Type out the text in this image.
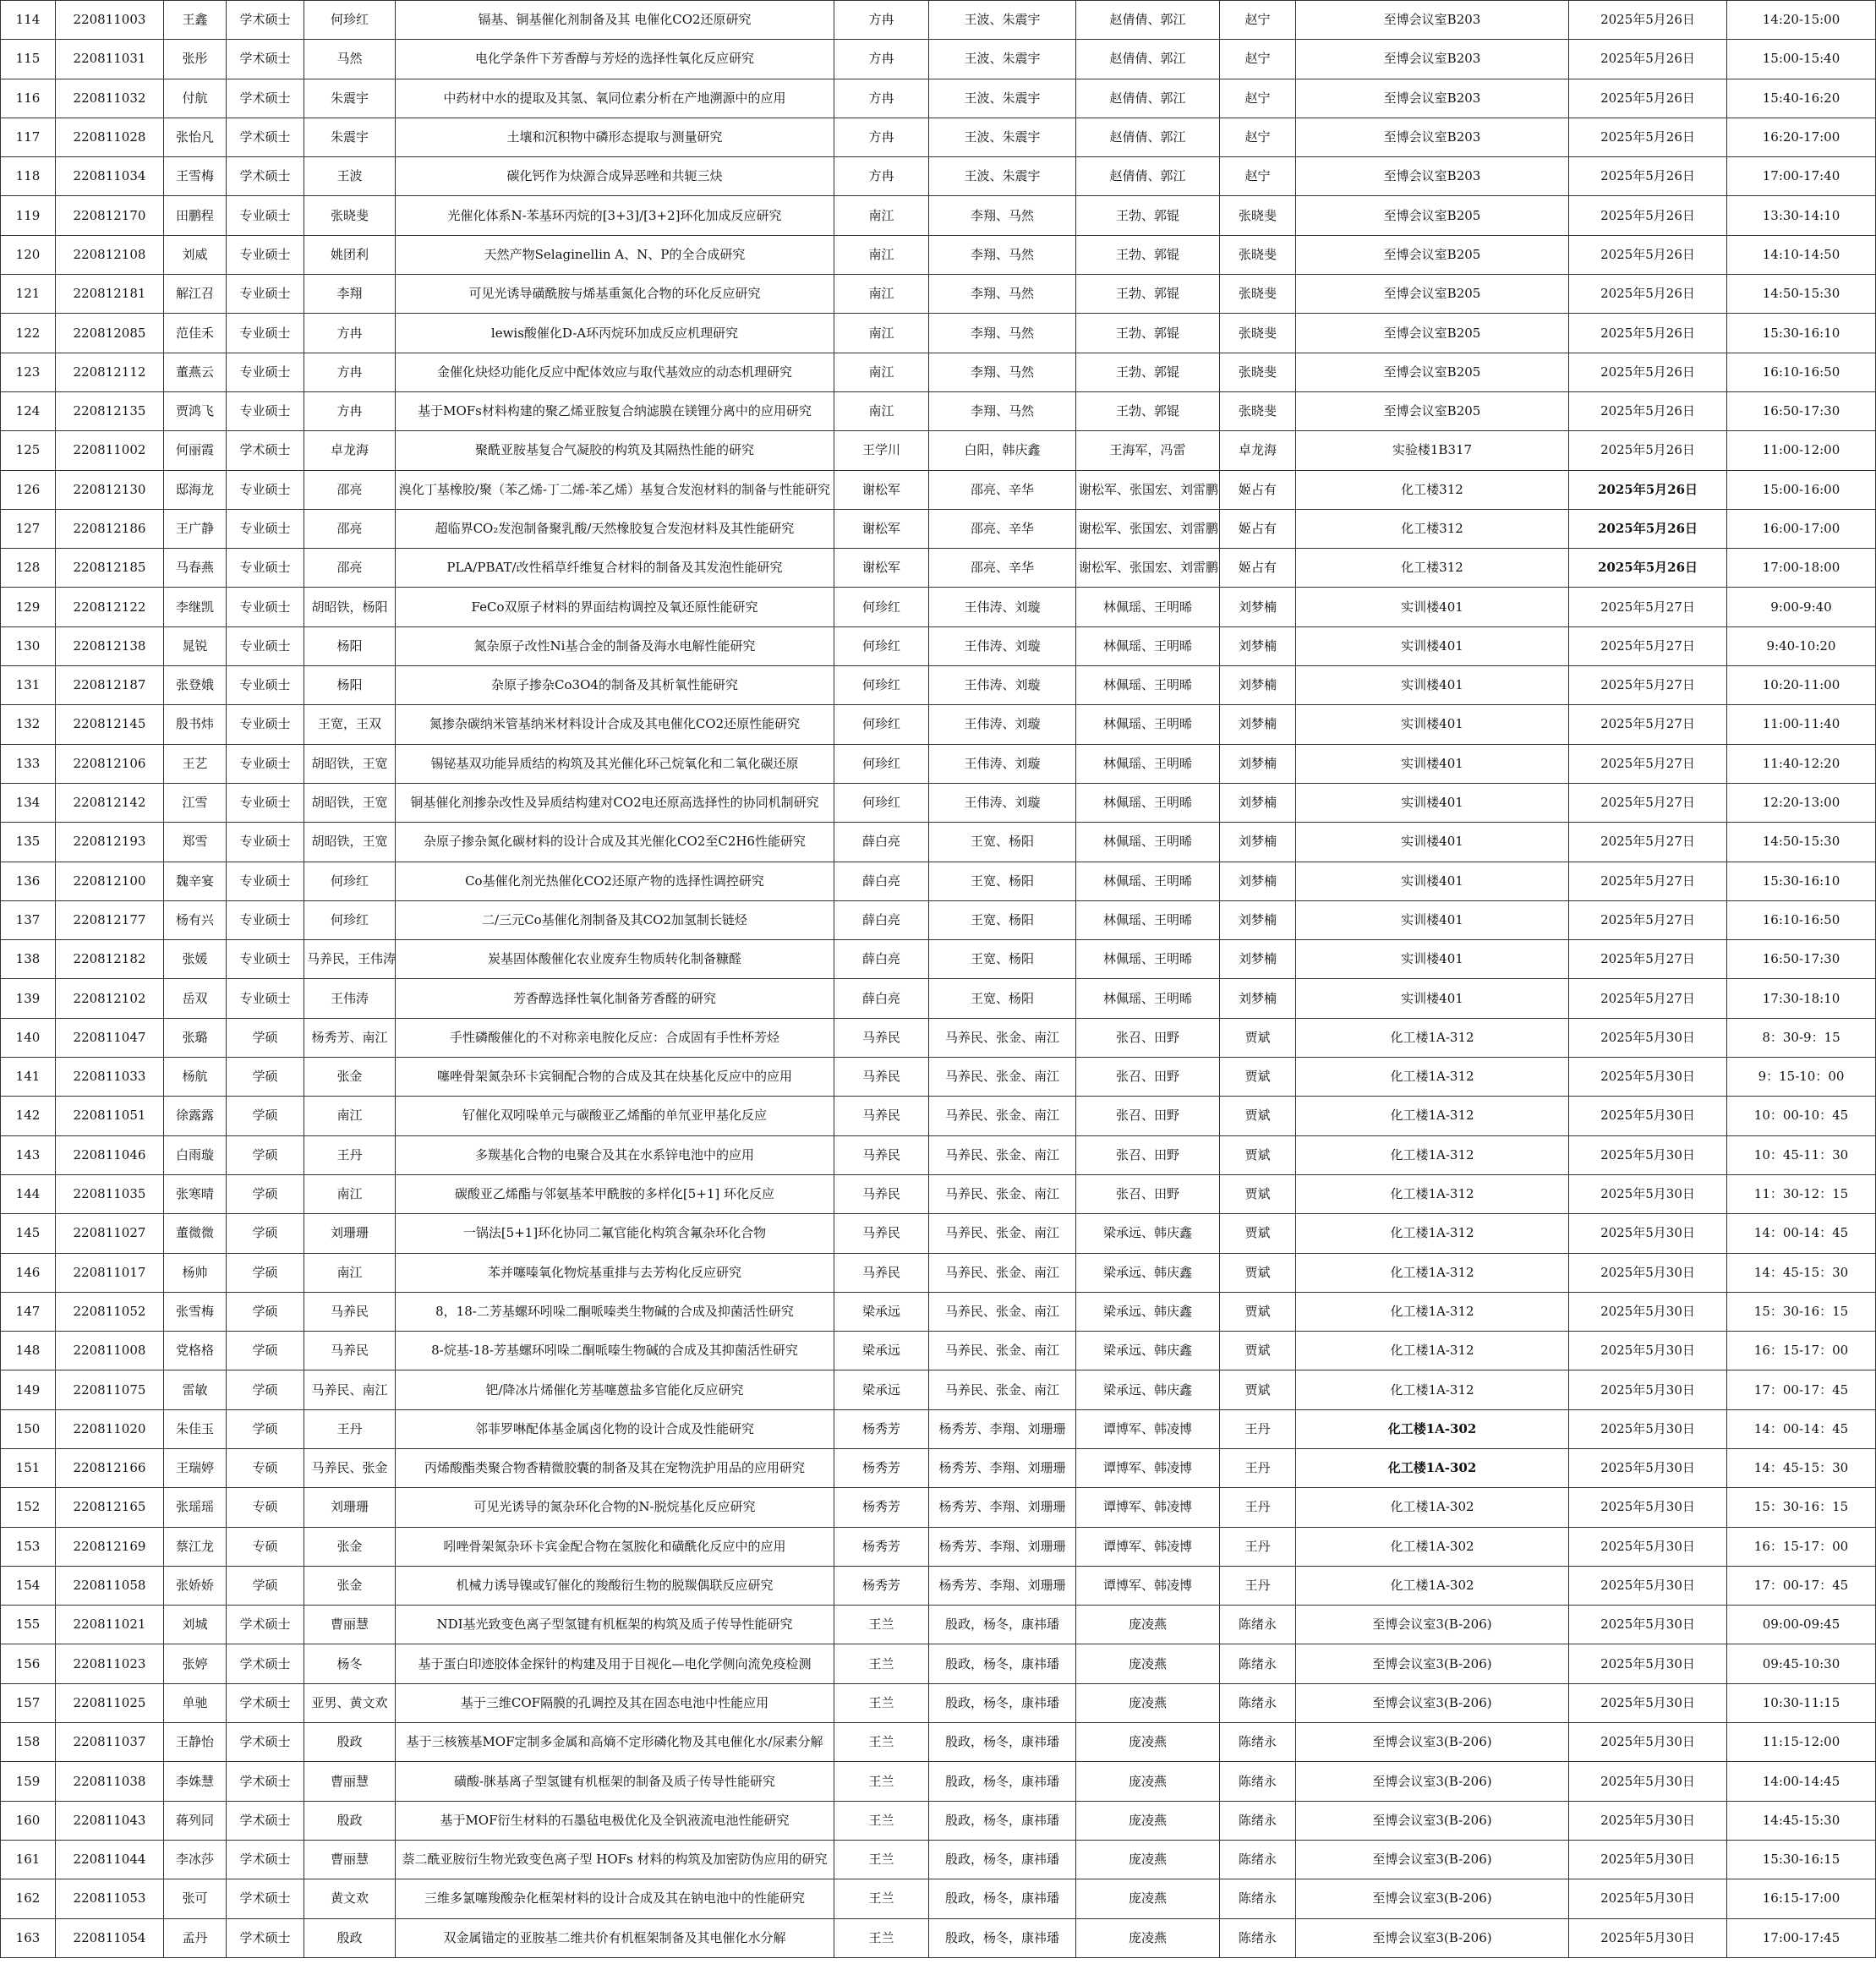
114	220811003	王鑫	学术硕士	何珍红	镉基、铜基催化剂制备及其 电催化CO2还原研究	方冉	王波、朱震宇	赵倩倩、郭江	赵宁	至博会议室B203	2025年5月26日	14:20-15:00
115	220811031	张彤	学术硕士	马然	电化学条件下芳香醇与芳烃的选择性氧化反应研究	方冉	王波、朱震宇	赵倩倩、郭江	赵宁	至博会议室B203	2025年5月26日	15:00-15:40
116	220811032	付航	学术硕士	朱震宇	中药材中水的提取及其氢、氧同位素分析在产地溯源中的应用	方冉	王波、朱震宇	赵倩倩、郭江	赵宁	至博会议室B203	2025年5月26日	15:40-16:20
117	220811028	张怡凡	学术硕士	朱震宇	土壤和沉积物中磷形态提取与测量研究	方冉	王波、朱震宇	赵倩倩、郭江	赵宁	至博会议室B203	2025年5月26日	16:20-17:00
118	220811034	王雪梅	学术硕士	王波	碳化钙作为炔源合成异恶唑和共轭三炔	方冉	王波、朱震宇	赵倩倩、郭江	赵宁	至博会议室B203	2025年5月26日	17:00-17:40
119	220812170	田鹏程	专业硕士	张晓斐	光催化体系N-苯基环丙烷的[3+3]/[3+2]环化加成反应研究	南江	李翔、马然	王勃、郭锟	张晓斐	至博会议室B205	2025年5月26日	13:30-14:10
120	220812108	刘威	专业硕士	姚团利	天然产物Selaginellin A、N、P的全合成研究	南江	李翔、马然	王勃、郭锟	张晓斐	至博会议室B205	2025年5月26日	14:10-14:50
121	220812181	解江召	专业硕士	李翔	可见光诱导磺酰胺与烯基重氮化合物的环化反应研究	南江	李翔、马然	王勃、郭锟	张晓斐	至博会议室B205	2025年5月26日	14:50-15:30
122	220812085	范佳禾	专业硕士	方冉	lewis酸催化D-A环丙烷环加成反应机理研究	南江	李翔、马然	王勃、郭锟	张晓斐	至博会议室B205	2025年5月26日	15:30-16:10
123	220812112	董燕云	专业硕士	方冉	金催化炔烃功能化反应中配体效应与取代基效应的动态机理研究	南江	李翔、马然	王勃、郭锟	张晓斐	至博会议室B205	2025年5月26日	16:10-16:50
124	220812135	贾鸿飞	专业硕士	方冉	基于MOFs材料构建的聚乙烯亚胺复合纳滤膜在镁锂分离中的应用研究	南江	李翔、马然	王勃、郭锟	张晓斐	至博会议室B205	2025年5月26日	16:50-17:30
125	220811002	何丽霞	学术硕士	卓龙海	聚酰亚胺基复合气凝胶的构筑及其隔热性能的研究	王学川	白阳，韩庆鑫	王海军，冯雷	卓龙海	实验楼1B317	2025年5月26日	11:00-12:00
126	220812130	邸海龙	专业硕士	邵亮	溴化丁基橡胶/聚（苯乙烯-丁二烯-苯乙烯）基复合发泡材料的制备与性能研究	谢松军	邵亮、辛华	谢松军、张国宏、刘雷鹏	姬占有	化工楼312	2025年5月26日	15:00-16:00
127	220812186	王广静	专业硕士	邵亮	超临界CO₂发泡制备聚乳酸/天然橡胶复合发泡材料及其性能研究	谢松军	邵亮、辛华	谢松军、张国宏、刘雷鹏	姬占有	化工楼312	2025年5月26日	16:00-17:00
128	220812185	马春燕	专业硕士	邵亮	PLA/PBAT/改性稻草纤维复合材料的制备及其发泡性能研究	谢松军	邵亮、辛华	谢松军、张国宏、刘雷鹏	姬占有	化工楼312	2025年5月26日	17:00-18:00
129	220812122	李继凯	专业硕士	胡昭铁，杨阳	FeCo双原子材料的界面结构调控及氧还原性能研究	何珍红	王伟涛、刘璇	林佩瑶、王明晞	刘梦楠	实训楼401	2025年5月27日	9:00-9:40
130	220812138	晁锐	专业硕士	杨阳	氮杂原子改性Ni基合金的制备及海水电解性能研究	何珍红	王伟涛、刘璇	林佩瑶、王明晞	刘梦楠	实训楼401	2025年5月27日	9:40-10:20
131	220812187	张登娥	专业硕士	杨阳	杂原子掺杂Co3O4的制备及其析氧性能研究	何珍红	王伟涛、刘璇	林佩瑶、王明晞	刘梦楠	实训楼401	2025年5月27日	10:20-11:00
132	220812145	殷书炜	专业硕士	王宽，王双	氮掺杂碳纳米管基纳米材料设计合成及其电催化CO2还原性能研究	何珍红	王伟涛、刘璇	林佩瑶、王明晞	刘梦楠	实训楼401	2025年5月27日	11:00-11:40
133	220812106	王艺	专业硕士	胡昭铁，王宽	锡铋基双功能异质结的构筑及其光催化环己烷氧化和二氧化碳还原	何珍红	王伟涛、刘璇	林佩瑶、王明晞	刘梦楠	实训楼401	2025年5月27日	11:40-12:20
134	220812142	江雪	专业硕士	胡昭铁，王宽	铜基催化剂掺杂改性及异质结构建对CO2电还原高选择性的协同机制研究	何珍红	王伟涛、刘璇	林佩瑶、王明晞	刘梦楠	实训楼401	2025年5月27日	12:20-13:00
135	220812193	郑雪	专业硕士	胡昭铁，王宽	杂原子掺杂氮化碳材料的设计合成及其光催化CO2至C2H6性能研究	薛白亮	王宽、杨阳	林佩瑶、王明晞	刘梦楠	实训楼401	2025年5月27日	14:50-15:30
136	220812100	魏辛宴	专业硕士	何珍红	Co基催化剂光热催化CO2还原产物的选择性调控研究	薛白亮	王宽、杨阳	林佩瑶、王明晞	刘梦楠	实训楼401	2025年5月27日	15:30-16:10
137	220812177	杨有兴	专业硕士	何珍红	二/三元Co基催化剂制备及其CO2加氢制长链烃	薛白亮	王宽、杨阳	林佩瑶、王明晞	刘梦楠	实训楼401	2025年5月27日	16:10-16:50
138	220812182	张媛	专业硕士	马养民，王伟涛	炭基固体酸催化农业废弃生物质转化制备糠醛	薛白亮	王宽、杨阳	林佩瑶、王明晞	刘梦楠	实训楼401	2025年5月27日	16:50-17:30
139	220812102	岳双	专业硕士	王伟涛	芳香醇选择性氧化制备芳香醛的研究	薛白亮	王宽、杨阳	林佩瑶、王明晞	刘梦楠	实训楼401	2025年5月27日	17:30-18:10
140	220811047	张璐	学硕	杨秀芳、南江	手性磷酸催化的不对称亲电胺化反应：合成固有手性杯芳烃	马养民	马养民、张金、南江	张召、田野	贾斌	化工楼1A-312	2025年5月30日	8：30-9：15
141	220811033	杨航	学硕	张金	噻唑骨架氮杂环卡宾铜配合物的合成及其在炔基化反应中的应用	马养民	马养民、张金、南江	张召、田野	贾斌	化工楼1A-312	2025年5月30日	9：15-10：00
142	220811051	徐露露	学硕	南江	钌催化双吲哚单元与碳酸亚乙烯酯的单氘亚甲基化反应	马养民	马养民、张金、南江	张召、田野	贾斌	化工楼1A-312	2025年5月30日	10：00-10：45
143	220811046	白雨璇	学硕	王丹	多羰基化合物的电聚合及其在水系锌电池中的应用	马养民	马养民、张金、南江	张召、田野	贾斌	化工楼1A-312	2025年5月30日	10：45-11：30
144	220811035	张寒晴	学硕	南江	碳酸亚乙烯酯与邻氨基苯甲酰胺的多样化[5+1] 环化反应	马养民	马养民、张金、南江	张召、田野	贾斌	化工楼1A-312	2025年5月30日	11：30-12：15
145	220811027	董微微	学硕	刘珊珊	一锅法[5+1]环化协同二氟官能化构筑含氟杂环化合物	马养民	马养民、张金、南江	梁承远、韩庆鑫	贾斌	化工楼1A-312	2025年5月30日	14：00-14：45
146	220811017	杨帅	学硕	南江	苯并噻嗪氧化物烷基重排与去芳构化反应研究	马养民	马养民、张金、南江	梁承远、韩庆鑫	贾斌	化工楼1A-312	2025年5月30日	14：45-15：30
147	220811052	张雪梅	学硕	马养民	8，18-二芳基螺环吲哚二酮哌嗪类生物碱的合成及抑菌活性研究	梁承远	马养民、张金、南江	梁承远、韩庆鑫	贾斌	化工楼1A-312	2025年5月30日	15：30-16：15
148	220811008	党格格	学硕	马养民	8-烷基-18-芳基螺环吲哚二酮哌嗪生物碱的合成及其抑菌活性研究	梁承远	马养民、张金、南江	梁承远、韩庆鑫	贾斌	化工楼1A-312	2025年5月30日	16：15-17：00
149	220811075	雷敏	学硕	马养民、南江	钯/降冰片烯催化芳基噻蒽盐多官能化反应研究	梁承远	马养民、张金、南江	梁承远、韩庆鑫	贾斌	化工楼1A-312	2025年5月30日	17：00-17：45
150	220811020	朱佳玉	学硕	王丹	邻菲罗啉配体基金属卤化物的设计合成及性能研究	杨秀芳	杨秀芳、李翔、刘珊珊	谭博军、韩凌博	王丹	化工楼1A-302	2025年5月30日	14：00-14：45
151	220812166	王瑞婷	专硕	马养民、张金	丙烯酸酯类聚合物香精微胶囊的制备及其在宠物洗护用品的应用研究	杨秀芳	杨秀芳、李翔、刘珊珊	谭博军、韩凌博	王丹	化工楼1A-302	2025年5月30日	14：45-15：30
152	220812165	张瑶瑶	专硕	刘珊珊	可见光诱导的氮杂环化合物的N-脱烷基化反应研究	杨秀芳	杨秀芳、李翔、刘珊珊	谭博军、韩凌博	王丹	化工楼1A-302	2025年5月30日	15：30-16：15
153	220812169	蔡江龙	专硕	张金	吲唑骨架氮杂环卡宾金配合物在氢胺化和磺酰化反应中的应用	杨秀芳	杨秀芳、李翔、刘珊珊	谭博军、韩凌博	王丹	化工楼1A-302	2025年5月30日	16：15-17：00
154	220811058	张娇娇	学硕	张金	机械力诱导镍或钌催化的羧酸衍生物的脱羰偶联反应研究	杨秀芳	杨秀芳、李翔、刘珊珊	谭博军、韩凌博	王丹	化工楼1A-302	2025年5月30日	17：00-17：45
155	220811021	刘城	学术硕士	曹丽慧	NDI基光致变色离子型氢键有机框架的构筑及质子传导性能研究	王兰	殷政，杨冬，康祎璠	庞凌燕	陈绪永	至博会议室3(B-206)	2025年5月30日	09:00-09:45
156	220811023	张婷	学术硕士	杨冬	基于蛋白印迹胶体金探针的构建及用于目视化—电化学侧向流免疫检测	王兰	殷政，杨冬，康祎璠	庞凌燕	陈绪永	至博会议室3(B-206)	2025年5月30日	09:45-10:30
157	220811025	单驰	学术硕士	亚男、黄文欢	基于三维COF隔膜的孔调控及其在固态电池中性能应用	王兰	殷政，杨冬，康祎璠	庞凌燕	陈绪永	至博会议室3(B-206)	2025年5月30日	10:30-11:15
158	220811037	王静怡	学术硕士	殷政	基于三核簇基MOF定制多金属和高熵不定形磷化物及其电催化水/尿素分解	王兰	殷政，杨冬，康祎璠	庞凌燕	陈绪永	至博会议室3(B-206)	2025年5月30日	11:15-12:00
159	220811038	李姝慧	学术硕士	曹丽慧	磺酸-脒基离子型氢键有机框架的制备及质子传导性能研究	王兰	殷政，杨冬，康祎璠	庞凌燕	陈绪永	至博会议室3(B-206)	2025年5月30日	14:00-14:45
160	220811043	蒋列同	学术硕士	殷政	基于MOF衍生材料的石墨毡电极优化及全钒液流电池性能研究	王兰	殷政，杨冬，康祎璠	庞凌燕	陈绪永	至博会议室3(B-206)	2025年5月30日	14:45-15:30
161	220811044	李冰莎	学术硕士	曹丽慧	萘二酰亚胺衍生物光致变色离子型 HOFs 材料的构筑及加密防伪应用的研究	王兰	殷政，杨冬，康祎璠	庞凌燕	陈绪永	至博会议室3(B-206)	2025年5月30日	15:30-16:15
162	220811053	张可	学术硕士	黄文欢	三维多氯噻羧酸杂化框架材料的设计合成及其在钠电池中的性能研究	王兰	殷政，杨冬，康祎璠	庞凌燕	陈绪永	至博会议室3(B-206)	2025年5月30日	16:15-17:00
163	220811054	孟丹	学术硕士	殷政	双金属锚定的亚胺基二维共价有机框架制备及其电催化水分解	王兰	殷政，杨冬，康祎璠	庞凌燕	陈绪永	至博会议室3(B-206)	2025年5月30日	17:00-17:45
